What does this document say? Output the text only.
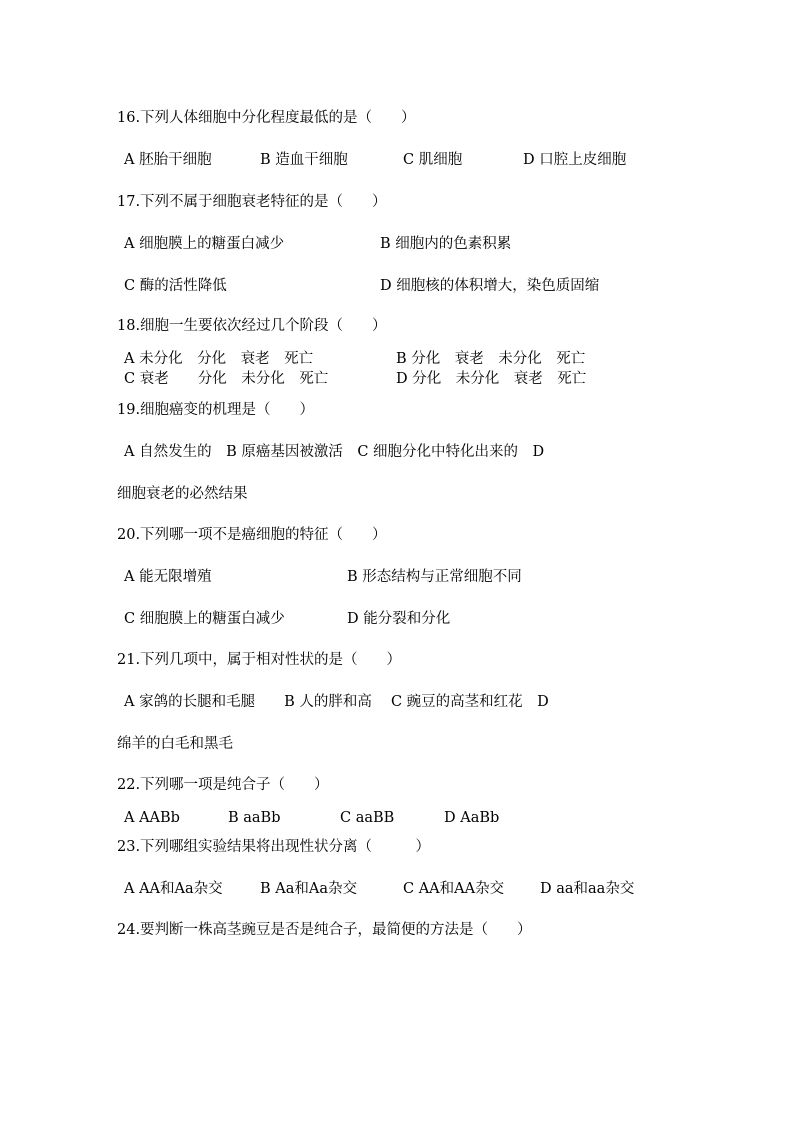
16.下列人体细胞中分化程度最低的是（　　）
A 胚胎干细胞	B 造血干细胞	C 肌细胞	D 口腔上皮细胞
17.下列不属于细胞衰老特征的是（　　）
A 细胞膜上的糖蛋白减少	B 细胞内的色素积累
C 酶的活性降低	D 细胞核的体积增大，染色质固缩
18.细胞一生要依次经过几个阶段（　　）
A 未分化　分化　衰老　死亡	B 分化　衰老　未分化　死亡
C 衰老　　分化　未分化　死亡	D 分化　未分化　衰老　死亡
19.细胞癌变的机理是（　　）
A 自然发生的　B 原癌基因被激活　C 细胞分化中特化出来的　D
细胞衰老的必然结果
20.下列哪一项不是癌细胞的特征（　　）
A 能无限增殖	B 形态结构与正常细胞不同
C 细胞膜上的糖蛋白减少	D 能分裂和分化
21.下列几项中，属于相对性状的是（　　）
A 家鸽的长腿和毛腿　　B 人的胖和高　 C 豌豆的高茎和红花　D
绵羊的白毛和黑毛
22.下列哪一项是纯合子（　　）
A AABb	B aaBb	C aaBB	D AaBb
23.下列哪组实验结果将出现性状分离（　　　）
A AA和Aa杂交	B Aa和Aa杂交	C AA和AA杂交 D aa和aa杂交
24.要判断一株高茎豌豆是否是纯合子，最简便的方法是（　　）
